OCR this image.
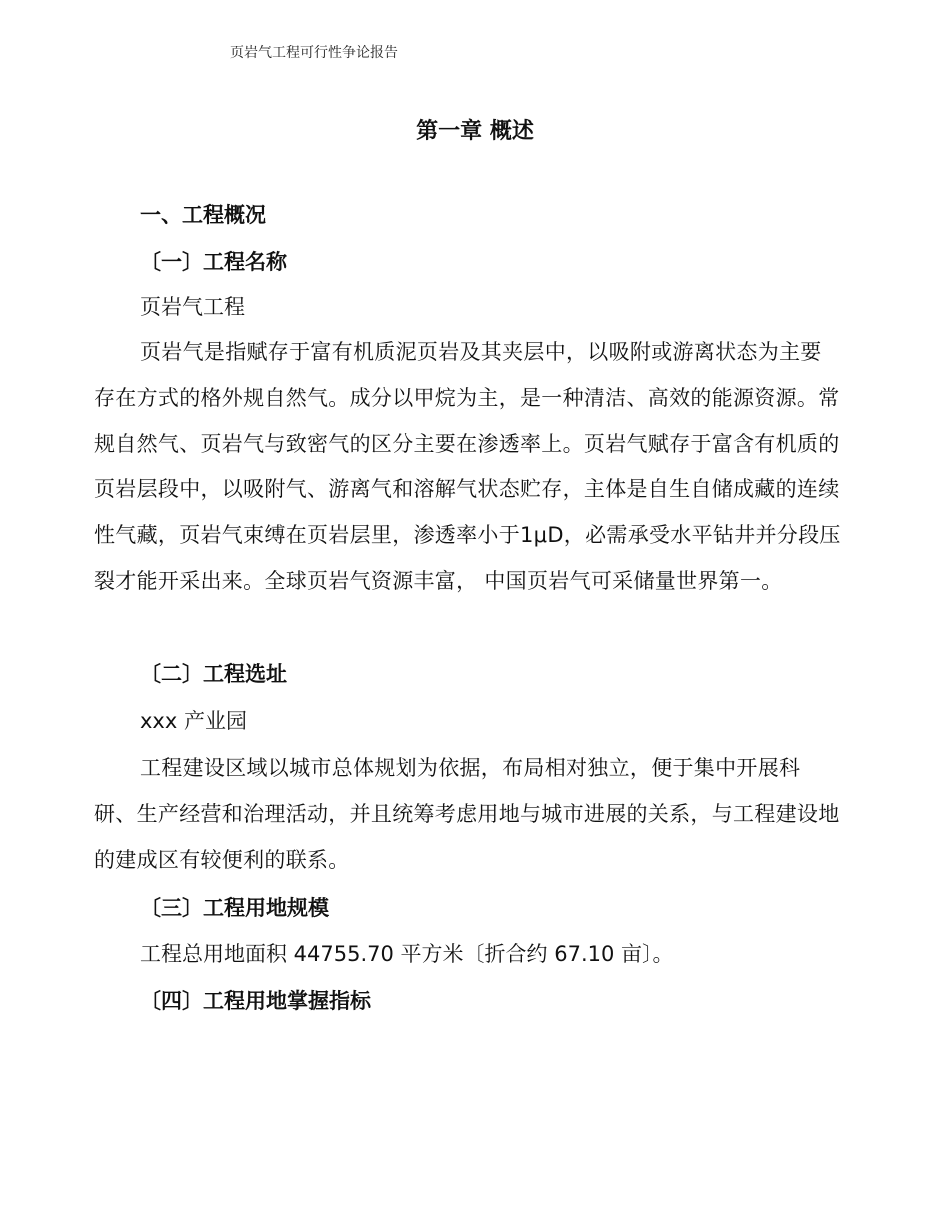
页岩气工程可行性争论报告
第一章 概述
一、工程概况
〔一〕工程名称
页岩气工程
页岩气是指赋存于富有机质泥页岩及其夹层中，以吸附或游离状态为主要存在方式的格外规自然气。成分以甲烷为主，是一种清洁、高效的能源资源。常规自然气、页岩气与致密气的区分主要在渗透率上。页岩气赋存于富含有机质的页岩层段中，以吸附气、游离气和溶解气状态贮存，主体是自生自储成藏的连续性气藏，页岩气束缚在页岩层里，渗透率小于1μD，必需承受水平钻井并分段压裂才能开采出来。全球页岩气资源丰富， 中国页岩气可采储量世界第一。
〔二〕工程选址
xxx 产业园
工程建设区域以城市总体规划为依据，布局相对独立，便于集中开展科研、生产经营和治理活动，并且统筹考虑用地与城市进展的关系，与工程建设地的建成区有较便利的联系。
〔三〕工程用地规模
工程总用地面积 44755.70 平方米〔折合约 67.10 亩〕。
〔四〕工程用地掌握指标
